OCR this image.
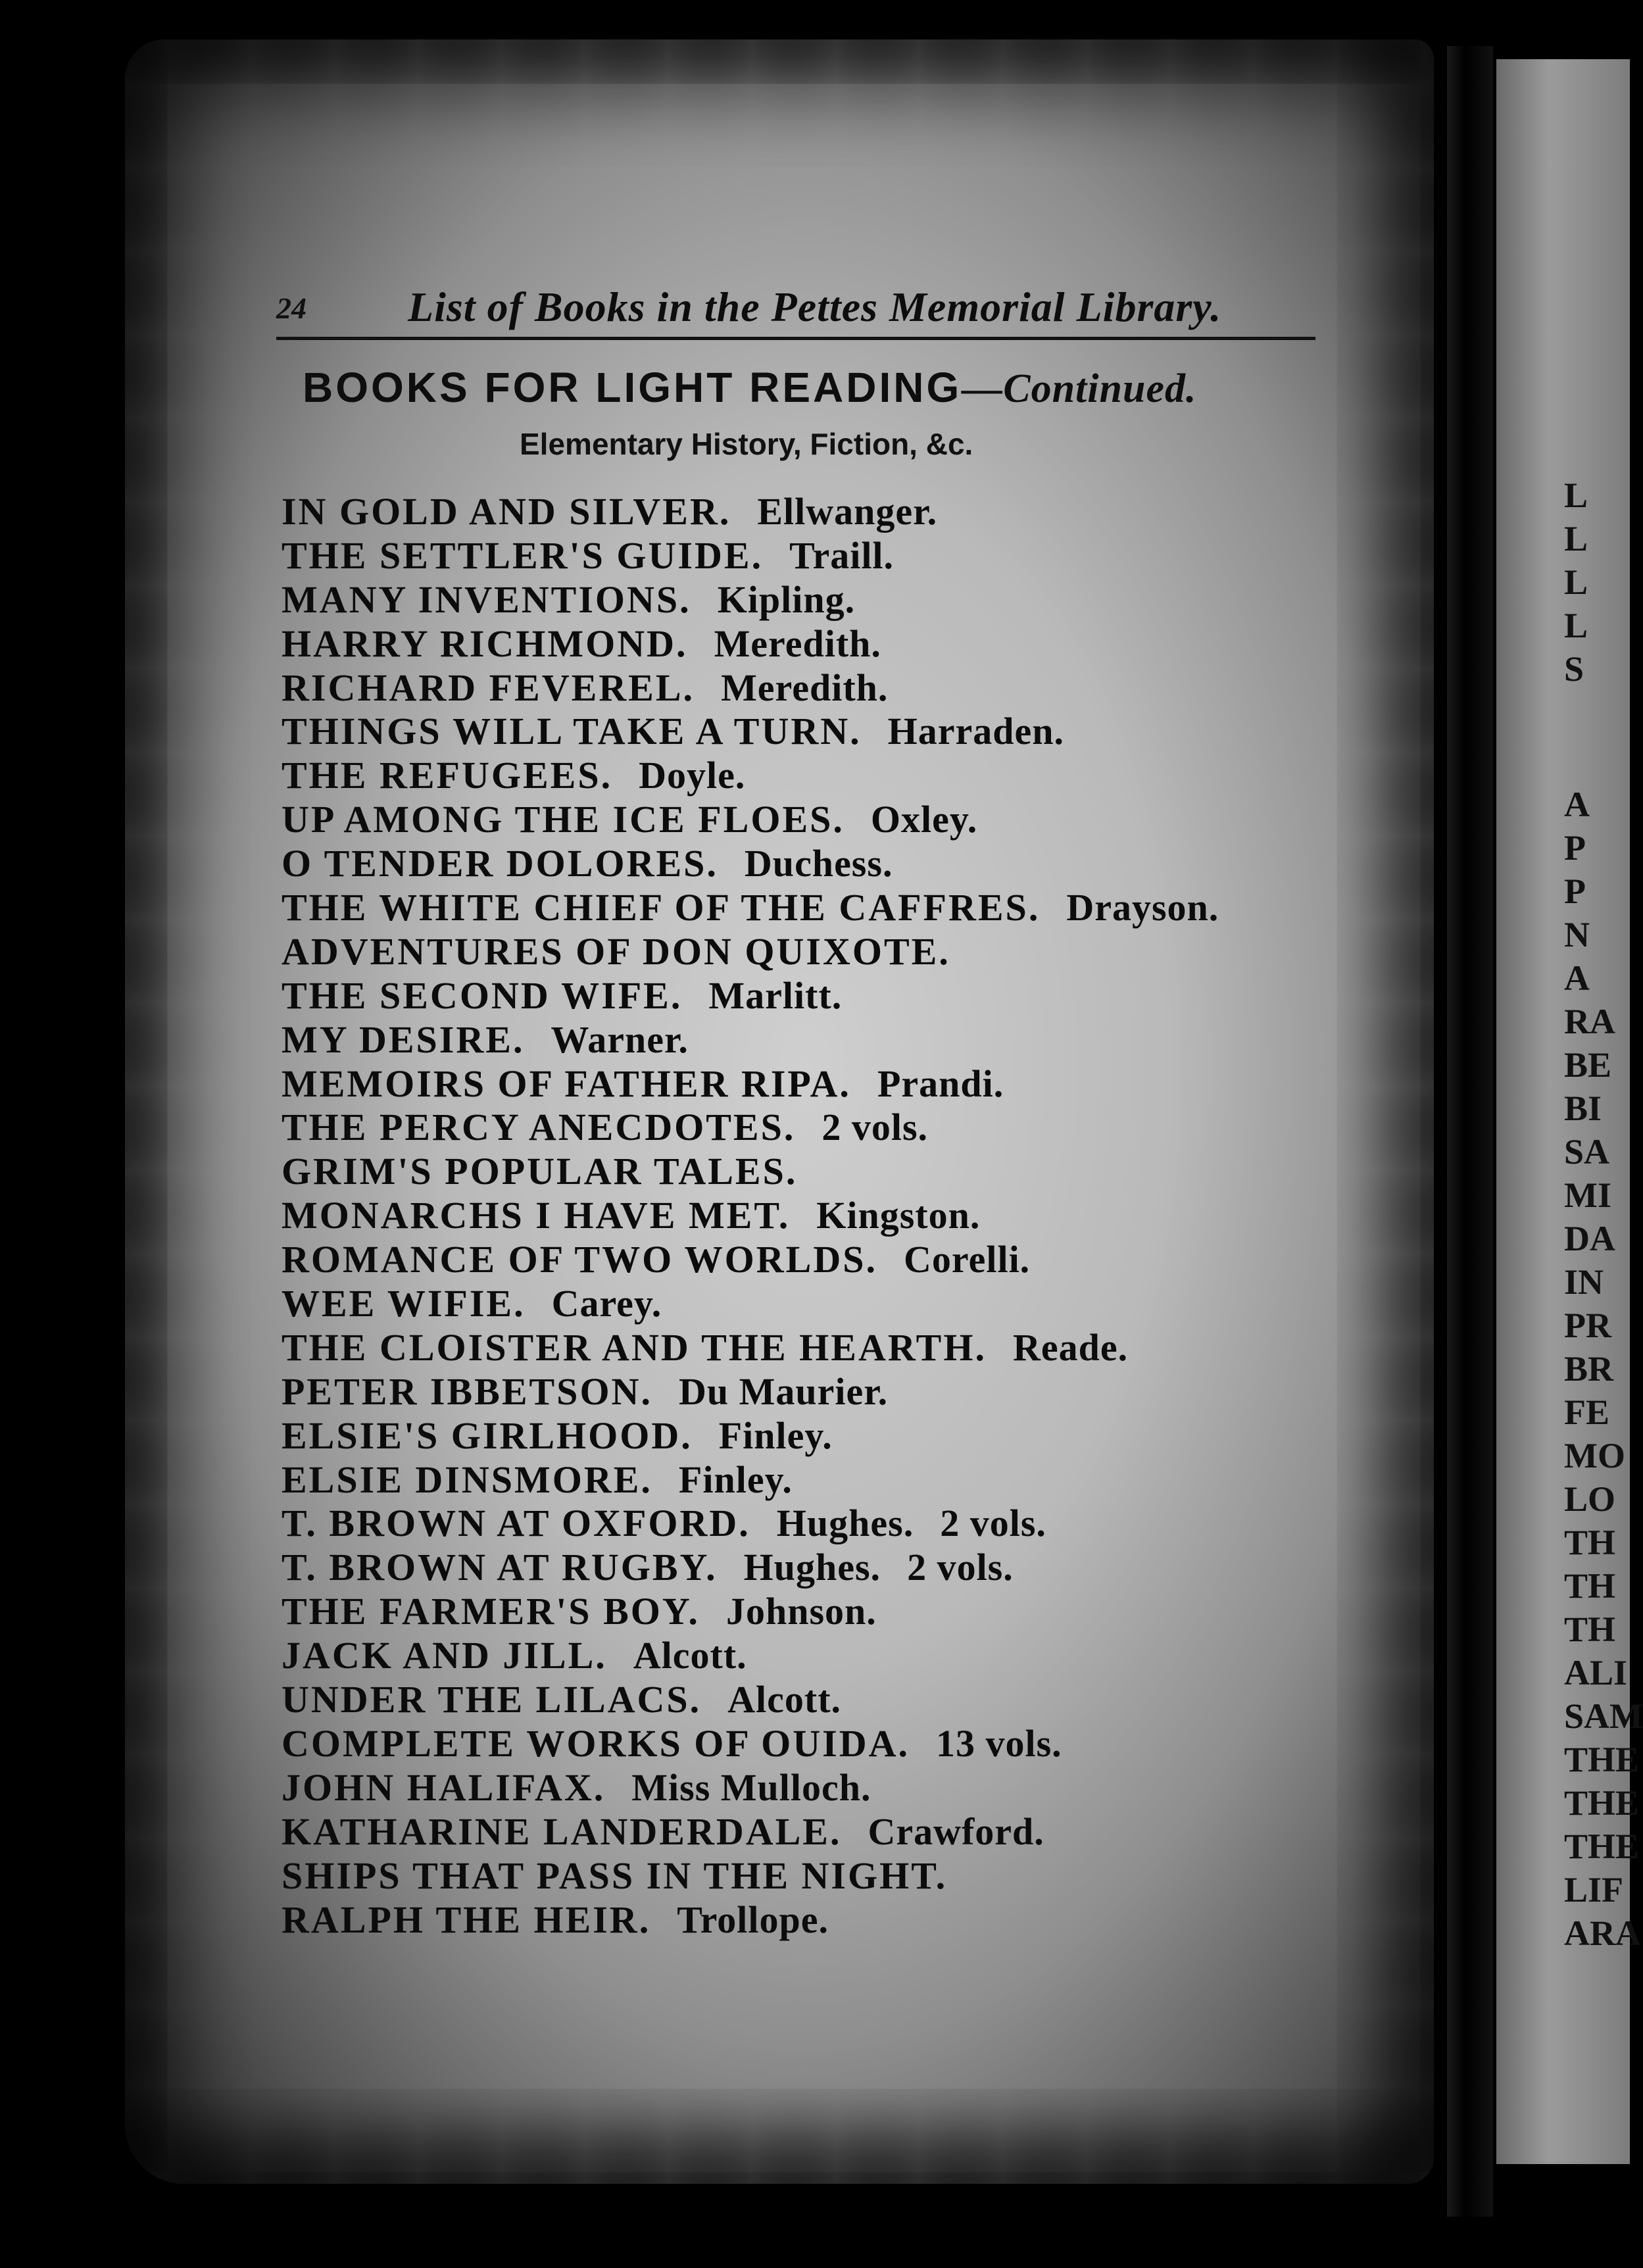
24 List of Books in the Pettes Memorial Library.
BOOKS FOR LIGHT READING—Continued.
Elementary History, Fiction, &c.
IN GOLD AND SILVER. Ellwanger.
THE SETTLER'S GUIDE. Traill.
MANY INVENTIONS. Kipling.
HARRY RICHMOND. Meredith.
RICHARD FEVEREL. Meredith.
THINGS WILL TAKE A TURN. Harraden.
THE REFUGEES. Doyle.
UP AMONG THE ICE FLOES. Oxley.
O TENDER DOLORES. Duchess.
THE WHITE CHIEF OF THE CAFFRES. Drayson.
ADVENTURES OF DON QUIXOTE.
THE SECOND WIFE. Marlitt.
MY DESIRE. Warner.
MEMOIRS OF FATHER RIPA. Prandi.
THE PERCY ANECDOTES. 2 vols.
GRIM'S POPULAR TALES.
MONARCHS I HAVE MET. Kingston.
ROMANCE OF TWO WORLDS. Corelli.
WEE WIFIE. Carey.
THE CLOISTER AND THE HEARTH. Reade.
PETER IBBETSON. Du Maurier.
ELSIE'S GIRLHOOD. Finley.
ELSIE DINSMORE. Finley.
T. BROWN AT OXFORD. Hughes. 2 vols.
T. BROWN AT RUGBY. Hughes. 2 vols.
THE FARMER'S BOY. Johnson.
JACK AND JILL. Alcott.
UNDER THE LILACS. Alcott.
COMPLETE WORKS OF OUIDA. 13 vols.
JOHN HALIFAX. Miss Mulloch.
KATHARINE LANDERDALE. Crawford.
SHIPS THAT PASS IN THE NIGHT.
RALPH THE HEIR. Trollope.
L
L
L
L
S
A
P
P
N
A
RA
BE
BI
SA
MI
DA
IN
PR
BR
FE
MO
LO
TH
TH
TH
ALI
SAM
THE
THE
THE
LIF
ARA
